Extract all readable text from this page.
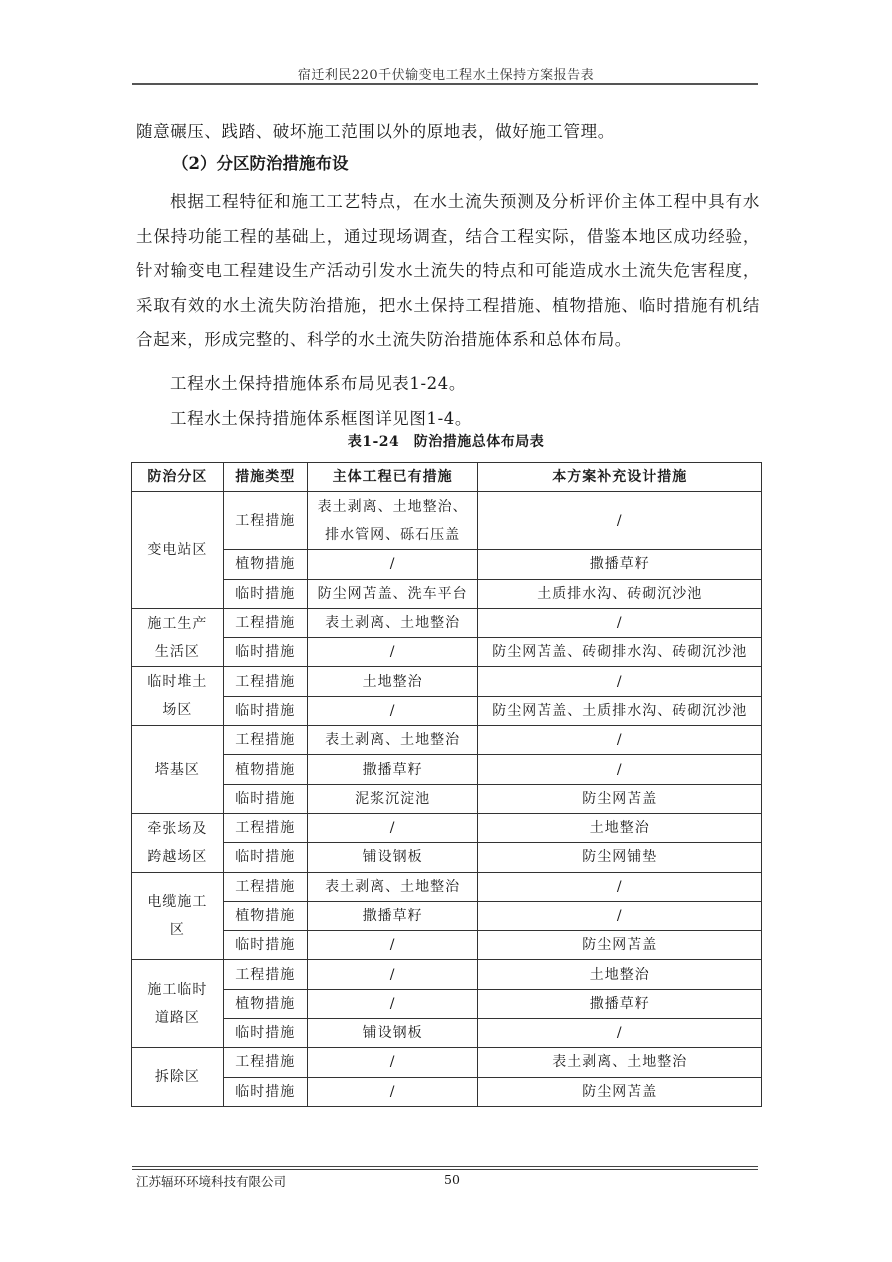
宿迁利民220千伏输变电工程水土保持方案报告表

随意碾压、践踏、破坏施工范围以外的原地表，做好施工管理。

（2）分区防治措施布设

根据工程特征和施工工艺特点，在水土流失预测及分析评价主体工程中具有水土保持功能工程的基础上，通过现场调查，结合工程实际，借鉴本地区成功经验，针对输变电工程建设生产活动引发水土流失的特点和可能造成水土流失危害程度，采取有效的水土流失防治措施，把水土保持工程措施、植物措施、临时措施有机结合起来，形成完整的、科学的水土流失防治措施体系和总体布局。

工程水土保持措施体系布局见表1-24。

工程水土保持措施体系框图详见图1-4。

表1-24　防治措施总体布局表
防治分区	措施类型	主体工程已有措施	本方案补充设计措施

变电站区	工程措施	表土剥离、土地整治、
排水管网、砾石压盖	/
	植物措施	/	撒播草籽
	临时措施	防尘网苫盖、洗车平台	土质排水沟、砖砌沉沙池

施工生产
生活区	工程措施	表土剥离、土地整治	/
	临时措施	/	防尘网苫盖、砖砌排水沟、砖砌沉沙池

临时堆土
场区	工程措施	土地整治	/
	临时措施	/	防尘网苫盖、土质排水沟、砖砌沉沙池

塔基区	工程措施	表土剥离、土地整治	/
	植物措施	撒播草籽	/
	临时措施	泥浆沉淀池	防尘网苫盖

牵张场及
跨越场区	工程措施	/	土地整治
	临时措施	铺设钢板	防尘网铺垫

电缆施工
区	工程措施	表土剥离、土地整治	/
	植物措施	撒播草籽	/
	临时措施	/	防尘网苫盖

施工临时
道路区	工程措施	/	土地整治
	植物措施	/	撒播草籽
	临时措施	铺设钢板	/

拆除区	工程措施	/	表土剥离、土地整治
	临时措施	/	防尘网苫盖
江苏辐环环境科技有限公司	50
